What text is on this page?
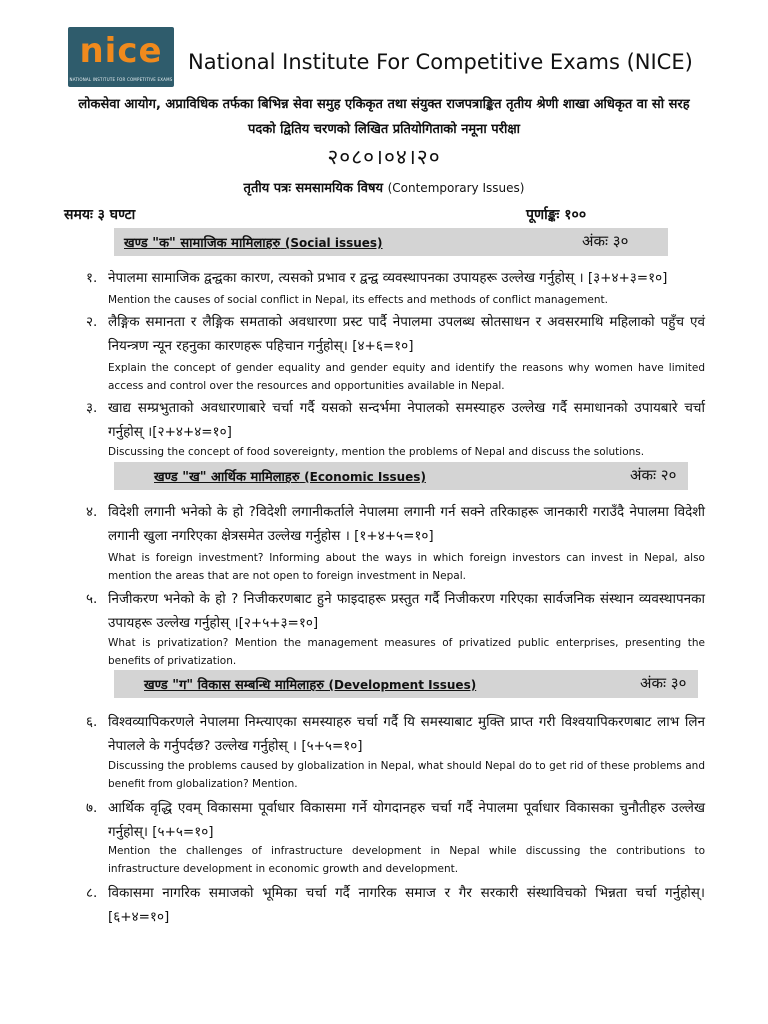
nice
NATIONAL INSTITUTE FOR COMPETITIVE EXAMS
National Institute For Competitive Exams (NICE)
लोकसेवा आयोग, अप्राविधिक तर्फका बिभिन्न सेवा समुह एकिकृत तथा संयुक्त राजपत्राङ्कित तृतीय श्रेणी शाखा अधिकृत वा सो सरह
पदको द्वितिय चरणको लिखित प्रतियोगिताको नमूना परीक्षा
२०८०।०४।२०
तृतीय पत्रः समसामयिक विषय (Contemporary Issues)
समयः ३ घण्टा	पूर्णाङ्कः १००
खण्ड "क" सामाजिक मामिलाहरु (Social issues)	अंकः ३०
१. नेपालमा सामाजिक द्वन्द्वका कारण, त्यसको प्रभाव र द्वन्द्व व्यवस्थापनका उपायहरू उल्लेख गर्नुहोस् । [३+४+३=१०]
Mention the causes of social conflict in Nepal, its effects and methods of conflict management.
२. लैङ्गिक समानता र लैङ्गिक समताको अवधारणा प्रस्ट पार्दै नेपालमा उपलब्ध स्रोतसाधन र अवसरमाथि महिलाको पहुँच एवं नियन्त्रण न्यून रहनुका कारणहरू पहिचान गर्नुहोस्। [४+६=१०]
Explain the concept of gender equality and gender equity and identify the reasons why women have limited access and control over the resources and opportunities available in Nepal.
३. खाद्य सम्प्रभुताको अवधारणाबारे चर्चा गर्दै यसको सन्दर्भमा नेपालको समस्याहरु उल्लेख गर्दै समाधानको उपायबारे चर्चा गर्नुहोस् ।[२+४+४=१०]
Discussing the concept of food sovereignty, mention the problems of Nepal and discuss the solutions.
खण्ड "ख" आर्थिक मामिलाहरु (Economic Issues)	अंकः २०
४. विदेशी लगानी भनेको के हो ?विदेशी लगानीकर्ताले नेपालमा लगानी गर्न सक्ने तरिकाहरू जानकारी गराउँदै नेपालमा विदेशी लगानी खुला नगरिएका क्षेत्रसमेत उल्लेख गर्नुहोस । [१+४+५=१०]
What is foreign investment? Informing about the ways in which foreign investors can invest in Nepal, also mention the areas that are not open to foreign investment in Nepal.
५. निजीकरण भनेको के हो ? निजीकरणबाट हुने फाइदाहरू प्रस्तुत गर्दै निजीकरण गरिएका सार्वजनिक संस्थान व्यवस्थापनका उपायहरू उल्लेख गर्नुहोस् ।[२+५+३=१०]
What is privatization? Mention the management measures of privatized public enterprises, presenting the benefits of privatization.
खण्ड "ग" विकास सम्बन्धि मामिलाहरु (Development Issues)	अंकः ३०
६. विश्वव्यापिकरणले नेपालमा निम्त्याएका समस्याहरु चर्चा गर्दै यि समस्याबाट मुक्ति प्राप्त गरी विश्वयापिकरणबाट लाभ लिन नेपालले के गर्नुपर्दछ? उल्लेख गर्नुहोस् । [५+५=१०]
Discussing the problems caused by globalization in Nepal, what should Nepal do to get rid of these problems and benefit from globalization? Mention.
७. आर्थिक वृद्धि एवम् विकासमा पूर्वाधार विकासमा गर्ने योगदानहरु चर्चा गर्दै नेपालमा पूर्वाधार विकासका चुनौतीहरु उल्लेख गर्नुहोस्। [५+५=१०]
Mention the challenges of infrastructure development in Nepal while discussing the contributions to infrastructure development in economic growth and development.
८. विकासमा नागरिक समाजको भूमिका चर्चा गर्दै नागरिक समाज र गैर सरकारी संस्थाविचको भिन्नता चर्चा गर्नुहोस्। [६+४=१०]
